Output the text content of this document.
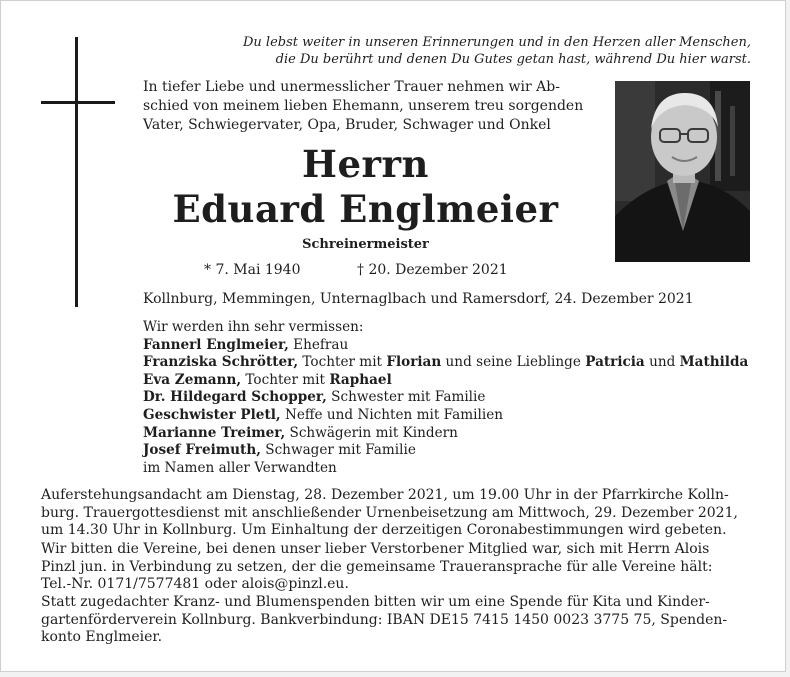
Du lebst weiter in unseren Erinnerungen und in den Herzen aller Menschen,
die Du berührt und denen Du Gutes getan hast, während Du hier warst.
In tiefer Liebe und unermesslicher Trauer nehmen wir Ab-
schied von meinem lieben Ehemann, unserem treu sorgenden
Vater, Schwiegervater, Opa, Bruder, Schwager und Onkel
Herrn
Eduard Englmeier
Schreinermeister
* 7. Mai 1940	† 20. Dezember 2021
Kollnburg, Memmingen, Unternaglbach und Ramersdorf, 24. Dezember 2021
Wir werden ihn sehr vermissen:
Fannerl Englmeier, Ehefrau
Franziska Schrötter, Tochter mit Florian und seine Lieblinge Patricia und Mathilda
Eva Zemann, Tochter mit Raphael
Dr. Hildegard Schopper, Schwester mit Familie
Geschwister Pletl, Neffe und Nichten mit Familien
Marianne Treimer, Schwägerin mit Kindern
Josef Freimuth, Schwager mit Familie
im Namen aller Verwandten
Auferstehungsandacht am Dienstag, 28. Dezember 2021, um 19.00 Uhr in der Pfarrkirche Kolln-
burg. Trauergottesdienst mit anschließender Urnenbeisetzung am Mittwoch, 29. Dezember 2021,
um 14.30 Uhr in Kollnburg. Um Einhaltung der derzeitigen Coronabestimmungen wird gebeten.
Wir bitten die Vereine, bei denen unser lieber Verstorbener Mitglied war, sich mit Herrn Alois
Pinzl jun. in Verbindung zu setzen, der die gemeinsame Traueransprache für alle Vereine hält:
Tel.-Nr. 0171/7577481 oder alois@pinzl.eu.
Statt zugedachter Kranz- und Blumenspenden bitten wir um eine Spende für Kita und Kinder-
gartenförderverein Kollnburg. Bankverbindung: IBAN DE15 7415 1450 0023 3775 75, Spenden-
konto Englmeier.
